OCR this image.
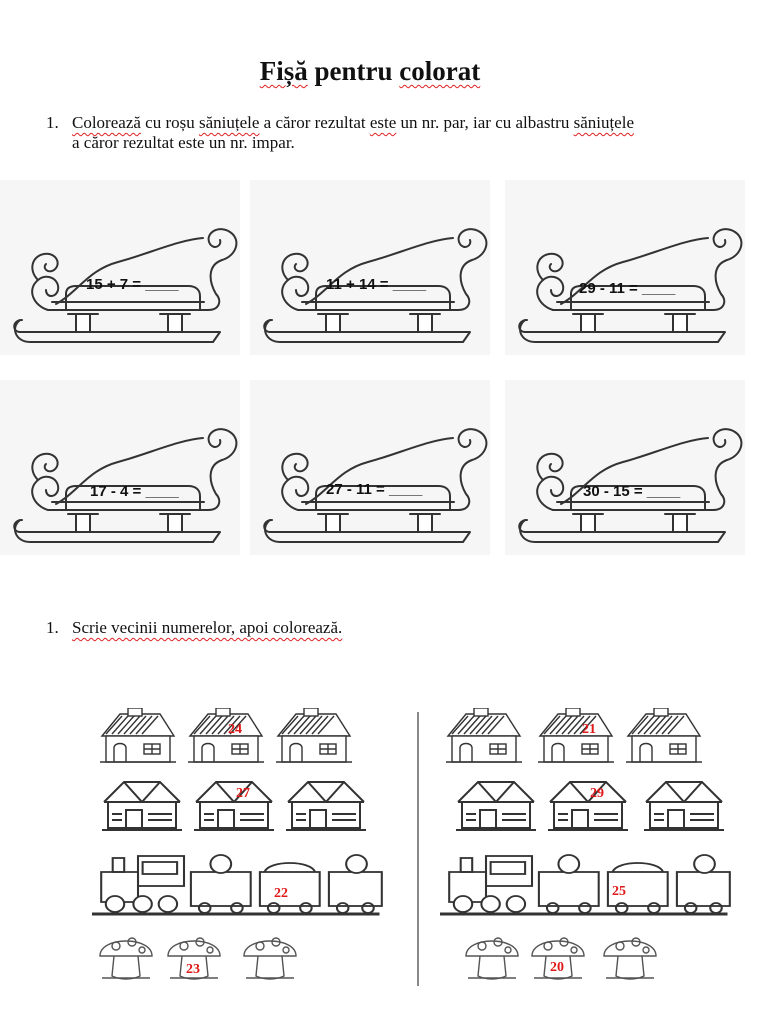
Fișă pentru colorat
1. Colorează cu roșu săniuțele a căror rezultat este un nr. par, iar cu albastru săniuțele
a căror rezultat este un nr. impar.
15 + 7 = ____	11 + 14 = ____	29 - 11 = ____
17 - 4 = ____	27 - 11 = ____	30 - 15 = ____
1. Scrie vecinii numerelor, apoi colorează.
24
27
22
23
21
29
25
20
